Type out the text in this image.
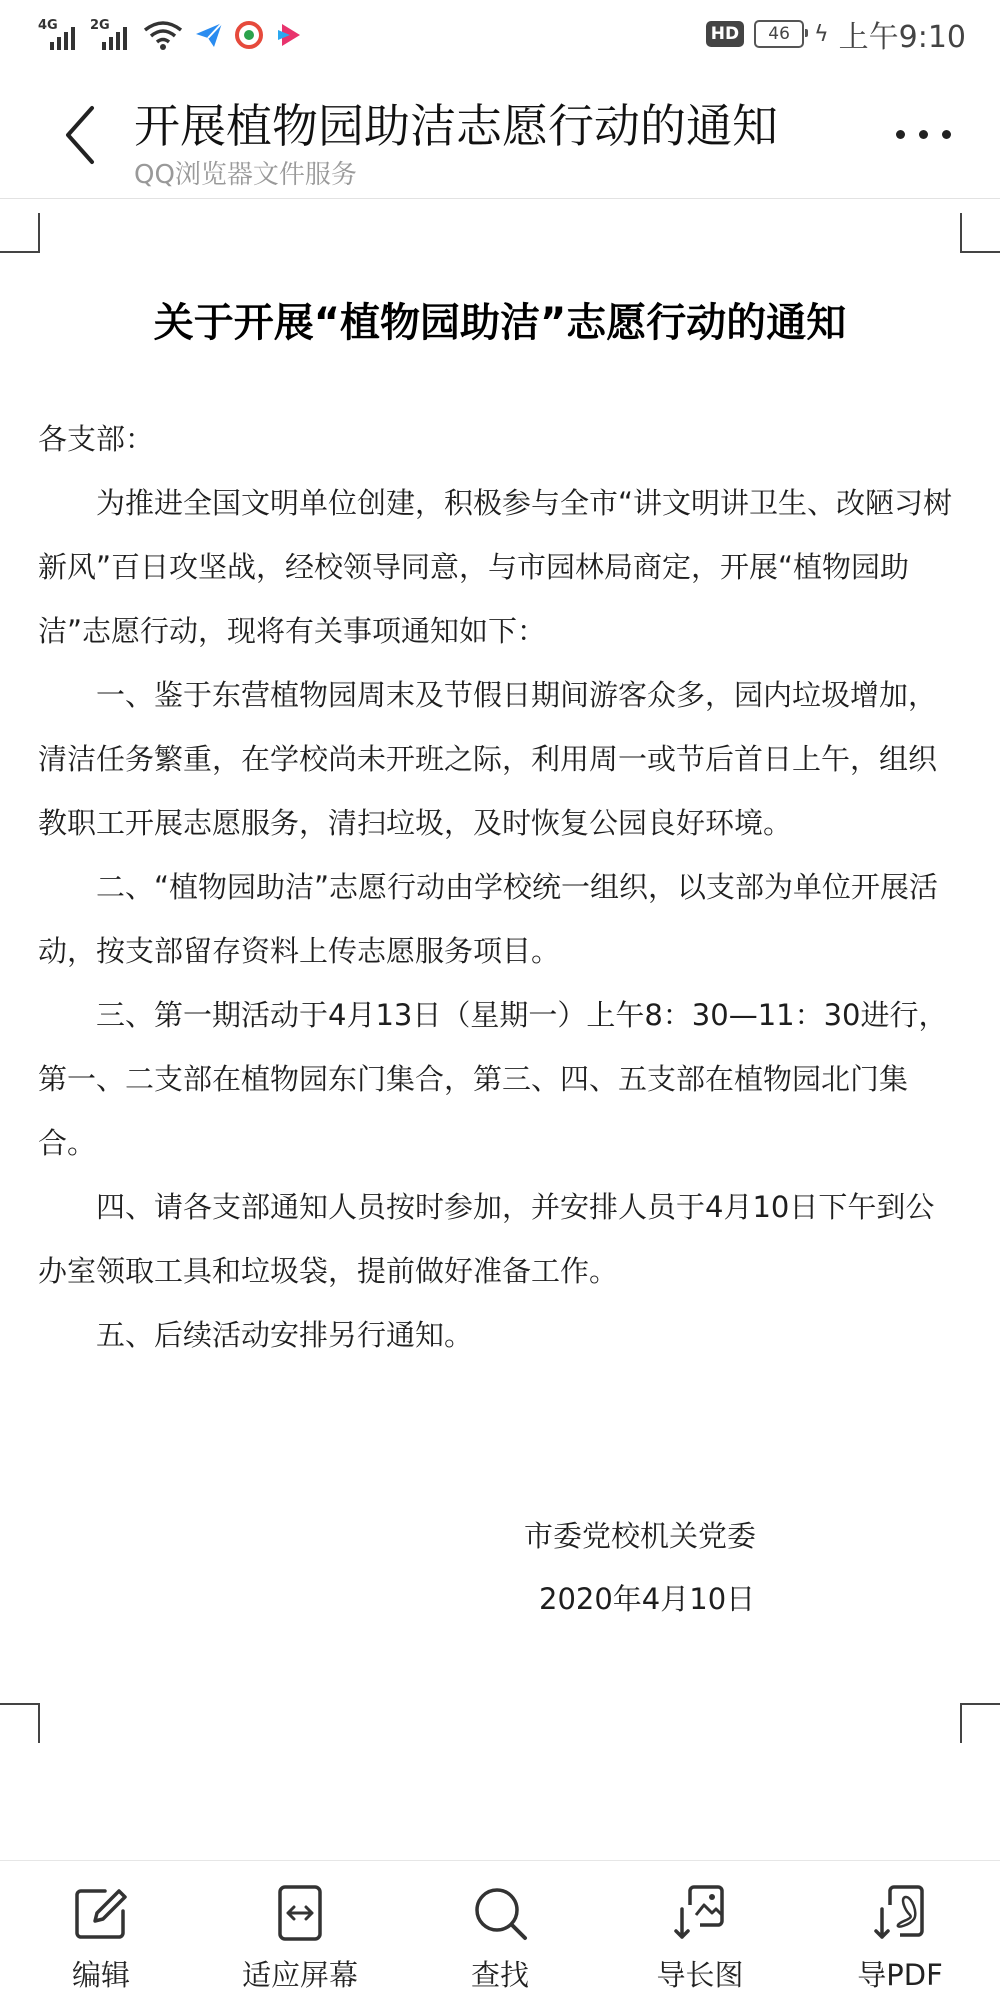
4G 2G	HD 46 ϟ 上午9:10
开展植物园助洁志愿行动的通知
QQ浏览器文件服务
关于开展“植物园助洁”志愿行动的通知

各支部：

为推进全国文明单位创建，积极参与全市“讲文明讲卫生、改陋习树新风”百日攻坚战，经校领导同意，与市园林局商定，开展“植物园助洁”志愿行动，现将有关事项通知如下：

一、鉴于东营植物园周末及节假日期间游客众多，园内垃圾增加，清洁任务繁重，在学校尚未开班之际，利用周一或节后首日上午，组织教职工开展志愿服务，清扫垃圾，及时恢复公园良好环境。

二、“植物园助洁”志愿行动由学校统一组织，以支部为单位开展活动，按支部留存资料上传志愿服务项目。

三、第一期活动于4月13日（星期一）上午8：30—11：30进行，第一、二支部在植物园东门集合，第三、四、五支部在植物园北门集合。

四、请各支部通知人员按时参加，并安排人员于4月10日下午到公办室领取工具和垃圾袋，提前做好准备工作。

五、后续活动安排另行通知。

市委党校机关党委
2020年4月10日
编辑	适应屏幕	查找	导长图	导PDF
